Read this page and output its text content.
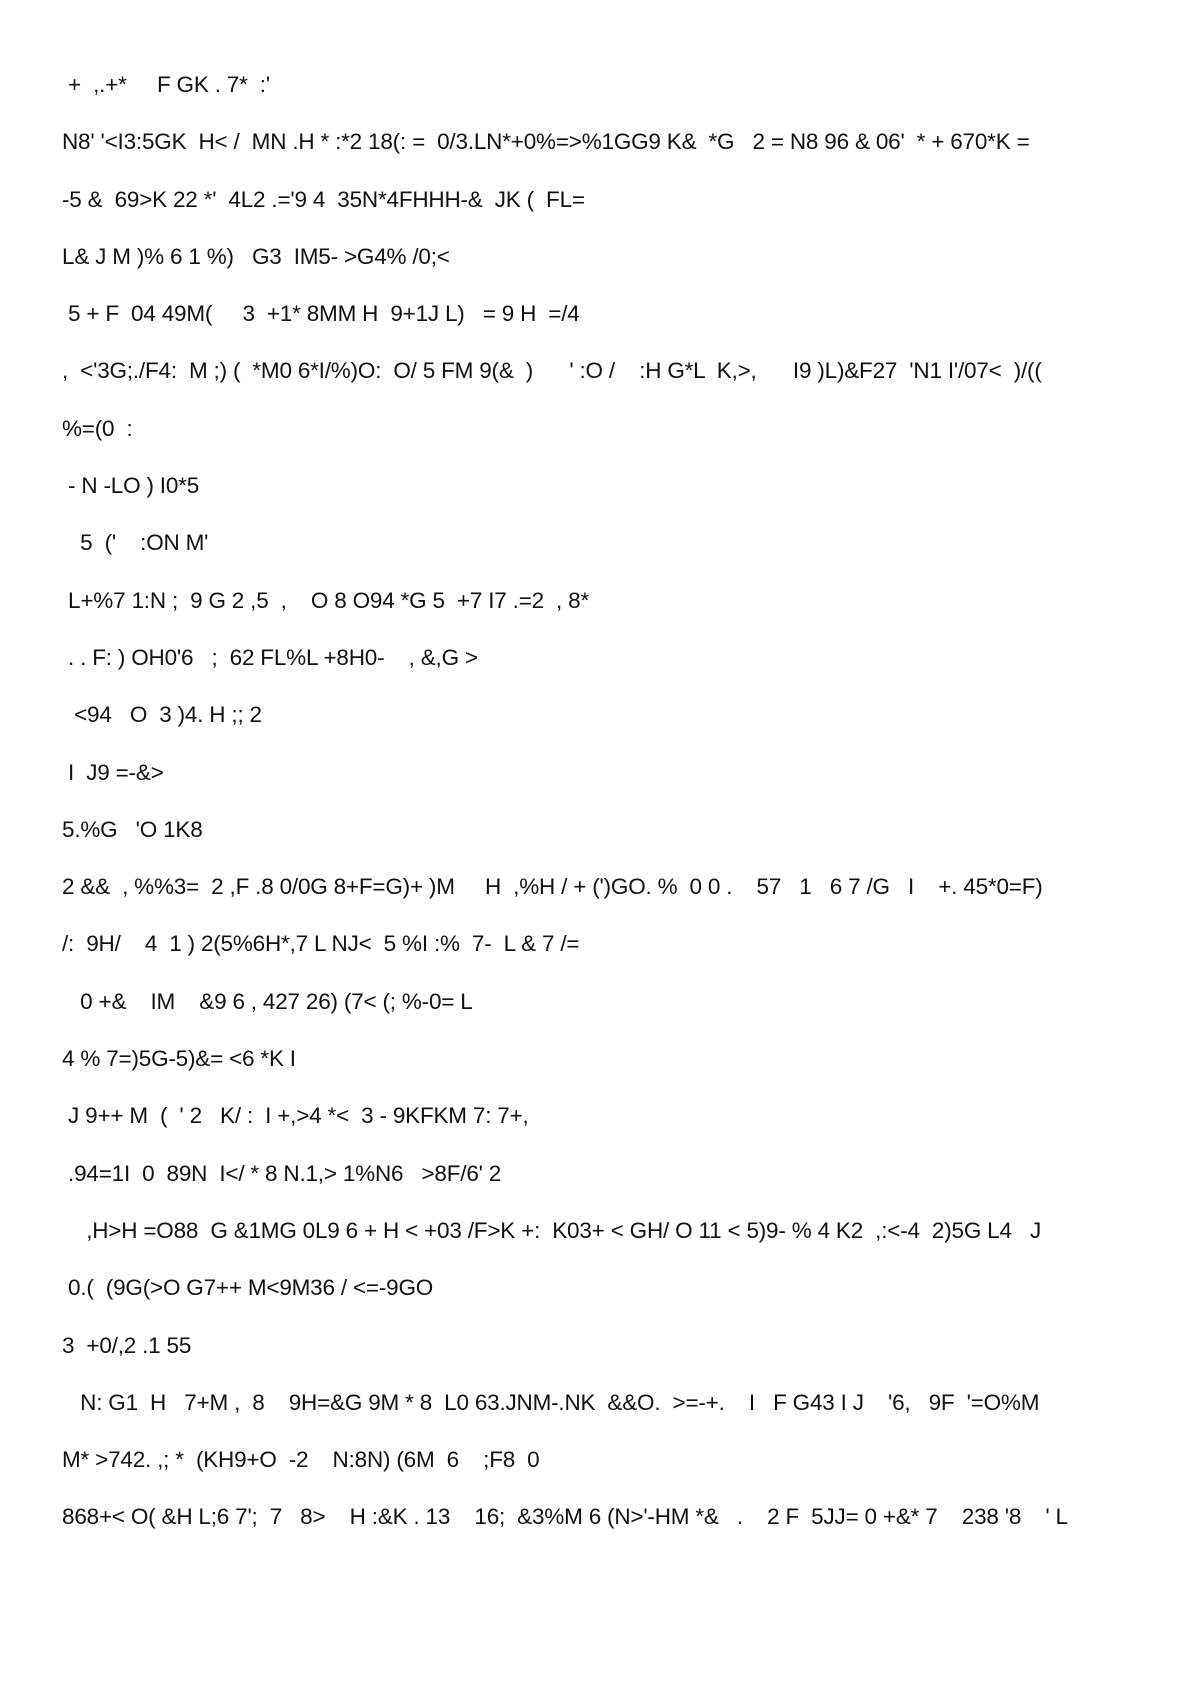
+  ,.+*     F GK . 7*  :'
N8' '<I3:5GK  H< /  MN .H * :*2 18(: =  0/3.LN*+0%=>%1GG9 K&  *G   2 = N8 96 & 06'  * + 670*K =
-5 &  69>K 22 *'  4L2 .='9 4  35N*4FHHH-&  JK (  FL=
L& J M )% 6 1 %)   G3  IM5- >G4% /0;<
5 + F  04 49M(     3  +1* 8MM H  9+1J L)   = 9 H  =/4
,  <'3G;./F4:  M ;) (  *M0 6*I/%)O:  O/ 5 FM 9(&  )      ' :O /    :H G*L  K,>,      I9 )L)&F27  'N1 I'/07<  )/((
%=(0  :
- N -LO ) I0*5
5  ('    :ON M'
L+%7 1:N ;  9 G 2 ,5  ,    O 8 O94 *G 5  +7 I7 .=2  , 8*
. . F: ) OH0'6   ;  62 FL%L +8H0-    , &,G >
<94   O  3 )4. H ;; 2
I  J9 =-&>
5.%G   'O 1K8
2 &&  , %%3=  2 ,F .8 0/0G 8+F=G)+ )M     H  ,%H / + (')GO. %  0 0 .    57   1   6 7 /G   I    +. 45*0=F)
/:  9H/    4  1 ) 2(5%6H*,7 L NJ<  5 %I :%  7-  L & 7 /=
0 +&    IM    &9 6 , 427 26) (7< (; %-0= L
4 % 7=)5G-5)&= <6 *K I
J 9++ M  (  ' 2   K/ :  I +,>4 *<  3 - 9KFKM 7: 7+,
.94=1I  0  89N  I</ * 8 N.1,> 1%N6   >8F/6' 2
,H>H =O88  G &1MG 0L9 6 + H < +03 /F>K +:  K03+ < GH/ O 11 < 5)9- % 4 K2  ,:<-4  2)5G L4   J
0.(  (9G(>O G7++ M<9M36 / <=-9GO
3  +0/,2 .1 55
N: G1  H   7+M ,  8    9H=&G 9M * 8  L0 63.JNM-.NK  &&O.  >=-+.    I   F G43 I J    '6,   9F  '=O%M
M* >742. ,; *  (KH9+O  -2    N:8N) (6M  6    ;F8  0
868+< O( &H L;6 7';  7   8>    H :&K . 13    16;  &3%M 6 (N>'-HM *&   .    2 F  5JJ= 0 +&* 7    238 '8    ' L
